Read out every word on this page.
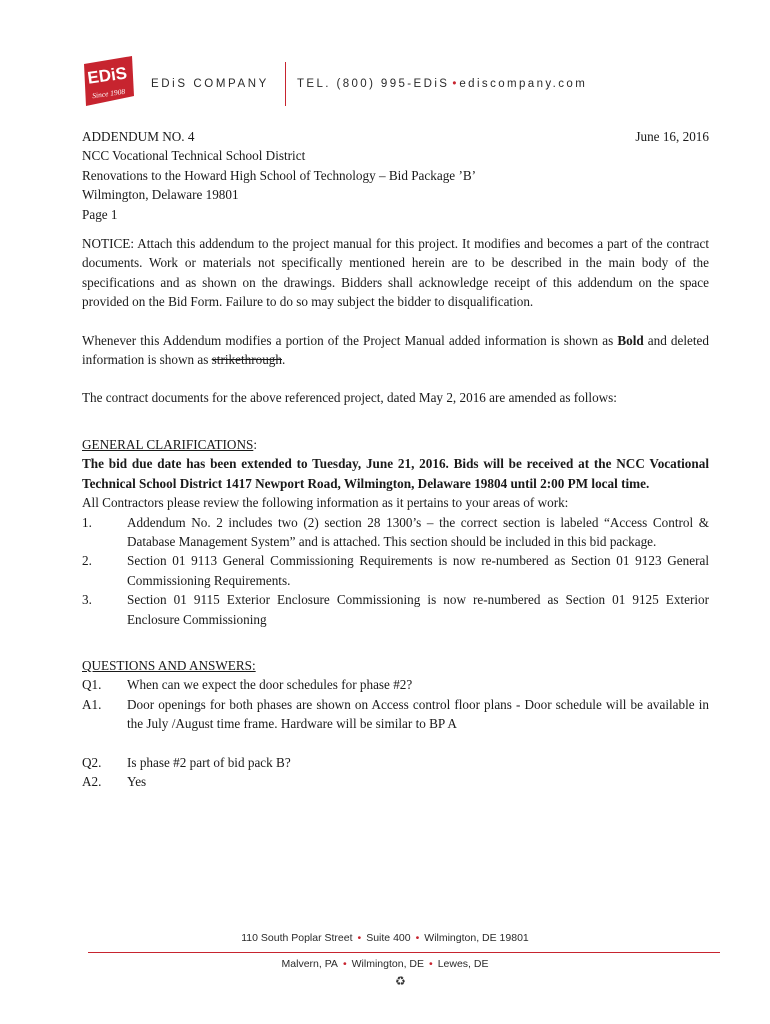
EDiS
Since 1908
EDiS COMPANY TEL. (800) 995-EDiS • ediscompany.com
June 16, 2016
ADDENDUM NO. 4
NCC Vocational Technical School District
Renovations to the Howard High School of Technology – Bid Package ’B’
Wilmington, Delaware 19801
Page 1

NOTICE: Attach this addendum to the project manual for this project. It modifies and becomes a part of the contract documents. Work or materials not specifically mentioned herein are to be described in the main body of the specifications and as shown on the drawings. Bidders shall acknowledge receipt of this addendum on the space provided on the Bid Form. Failure to do so may subject the bidder to disqualification.

Whenever this Addendum modifies a portion of the Project Manual added information is shown as Bold and deleted information is shown as strikethrough.

The contract documents for the above referenced project, dated May 2, 2016 are amended as follows:

GENERAL CLARIFICATIONS:

The bid due date has been extended to Tuesday, June 21, 2016. Bids will be received at the NCC Vocational Technical School District 1417 Newport Road, Wilmington, Delaware 19804 until 2:00 PM local time.

All Contractors please review the following information as it pertains to your areas of work:
1.	Addendum No. 2 includes two (2) section 28 1300’s – the correct section is labeled “Access Control & Database Management System” and is attached. This section should be included in this bid package.
2.	Section 01 9113 General Commissioning Requirements is now re-numbered as Section 01 9123 General Commissioning Requirements.
3.	Section 01 9115 Exterior Enclosure Commissioning is now re-numbered as Section 01 9125 Exterior Enclosure Commissioning
QUESTIONS AND ANSWERS:
Q1.	When can we expect the door schedules for phase #2?
A1.	Door openings for both phases are shown on Access control floor plans - Door schedule will be available in the July /August time frame. Hardware will be similar to BP A
Q2.	Is phase #2 part of bid pack B?
A2.	Yes
110 South Poplar Street • Suite 400 • Wilmington, DE 19801
Malvern, PA • Wilmington, DE • Lewes, DE
♻
